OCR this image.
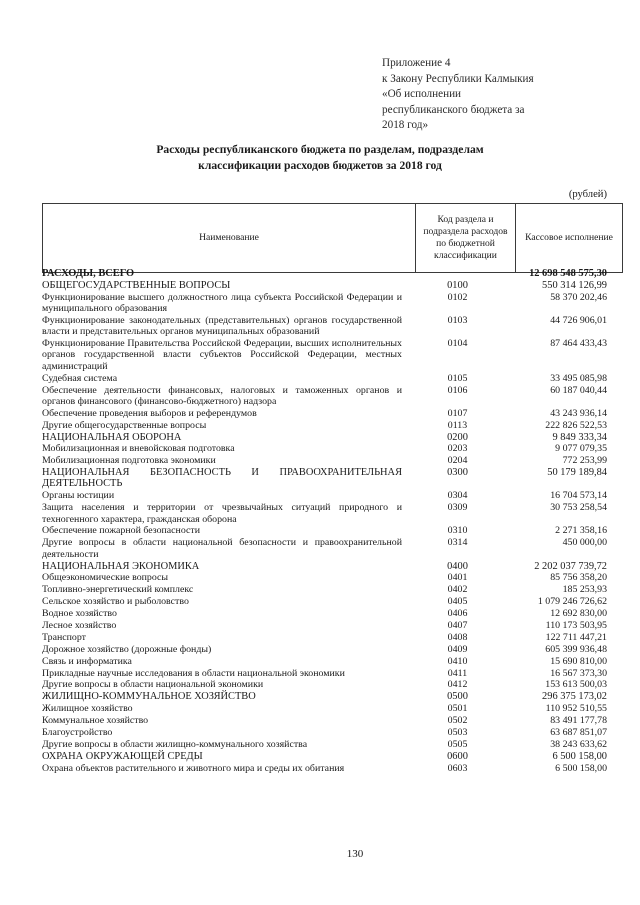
Приложение 4
к Закону Республики Калмыкия
«Об исполнении
республиканского бюджета за
2018 год»
Расходы республиканского бюджета по разделам, подразделам
классификации расходов бюджетов за 2018 год
(рублей)
Наименование	Код раздела и подраздела расходов по бюджетной классификации	Кассовое исполнение
РАСХОДЫ, ВСЕГО		12 698 548 575,30
ОБЩЕГОСУДАРСТВЕННЫЕ ВОПРОСЫ	0100	550 314 126,99
Функционирование высшего должностного лица субъекта Российской Федерации и муниципального образования	0102	58 370 202,46
Функционирование законодательных (представительных) органов государственной власти и представительных органов муниципальных образований	0103	44 726 906,01
Функционирование Правительства Российской Федерации, высших исполнительных органов государственной власти субъектов Российской Федерации, местных администраций	0104	87 464 433,43
Судебная система	0105	33 495 085,98
Обеспечение деятельности финансовых, налоговых и таможенных органов и органов финансового (финансово-бюджетного) надзора	0106	60 187 040,44
Обеспечение проведения выборов и референдумов	0107	43 243 936,14
Другие общегосударственные вопросы	0113	222 826 522,53
НАЦИОНАЛЬНАЯ ОБОРОНА	0200	9 849 333,34
Мобилизационная и вневойсковая подготовка	0203	9 077 079,35
Мобилизационная подготовка экономики	0204	772 253,99
НАЦИОНАЛЬНАЯ БЕЗОПАСНОСТЬ И ПРАВООХРАНИТЕЛЬНАЯ ДЕЯТЕЛЬНОСТЬ	0300	50 179 189,84
Органы юстиции	0304	16 704 573,14
Защита населения и территории от чрезвычайных ситуаций природного и техногенного характера, гражданская оборона	0309	30 753 258,54
Обеспечение пожарной безопасности	0310	2 271 358,16
Другие вопросы в области национальной безопасности и правоохранительной деятельности	0314	450 000,00
НАЦИОНАЛЬНАЯ ЭКОНОМИКА	0400	2 202 037 739,72
Общеэкономические вопросы	0401	85 756 358,20
Топливно-энергетический комплекс	0402	185 253,93
Сельское хозяйство и рыболовство	0405	1 079 246 726,62
Водное хозяйство	0406	12 692 830,00
Лесное хозяйство	0407	110 173 503,95
Транспорт	0408	122 711 447,21
Дорожное хозяйство (дорожные фонды)	0409	605 399 936,48
Связь и информатика	0410	15 690 810,00
Прикладные научные исследования в области национальной экономики	0411	16 567 373,30
Другие вопросы в области национальной экономики	0412	153 613 500,03
ЖИЛИЩНО-КОММУНАЛЬНОЕ ХОЗЯЙСТВО	0500	296 375 173,02
Жилищное хозяйство	0501	110 952 510,55
Коммунальное хозяйство	0502	83 491 177,78
Благоустройство	0503	63 687 851,07
Другие вопросы в области жилищно-коммунального хозяйства	0505	38 243 633,62
ОХРАНА ОКРУЖАЮЩЕЙ СРЕДЫ	0600	6 500 158,00
Охрана объектов растительного и животного мира и среды их обитания	0603	6 500 158,00
130
